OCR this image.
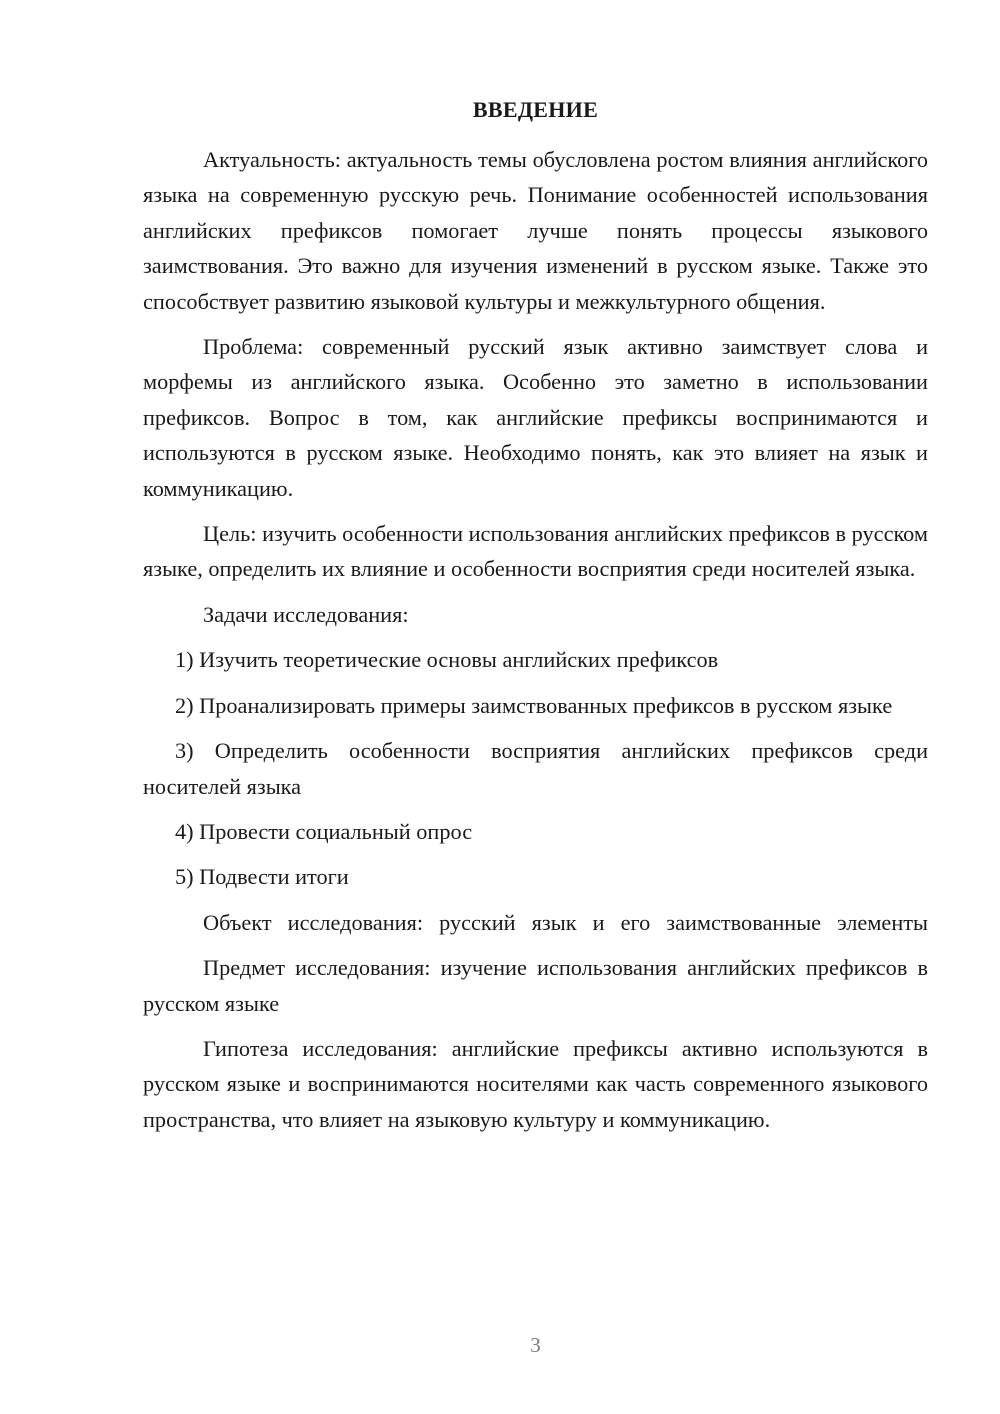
ВВЕДЕНИЕ

Актуальность: актуальность темы обусловлена ростом влияния английского языка на современную русскую речь. Понимание особенностей использования английских префиксов помогает лучше понять процессы языкового заимствования. Это важно для изучения изменений в русском языке. Также это способствует развитию языковой культуры и межкультурного общения.

Проблема: современный русский язык активно заимствует слова и морфемы из английского языка. Особенно это заметно в использовании префиксов. Вопрос в том, как английские префиксы воспринимаются и используются в русском языке. Необходимо понять, как это влияет на язык и коммуникацию.

Цель: изучить особенности использования английских префиксов в русском языке, определить их влияние и особенности восприятия среди носителей языка.

Задачи исследования:

1) Изучить теоретические основы английских префиксов

2) Проанализировать примеры заимствованных префиксов в русском языке

3) Определить особенности восприятия английских префиксов среди носителей языка

4) Провести социальный опрос

5) Подвести итоги

Объект исследования: русский язык и его заимствованные элементы

Предмет исследования: изучение использования английских префиксов в русском языке

Гипотеза исследования: английские префиксы активно используются в русском языке и воспринимаются носителями как часть современного языкового пространства, что влияет на языковую культуру и коммуникацию.

3
